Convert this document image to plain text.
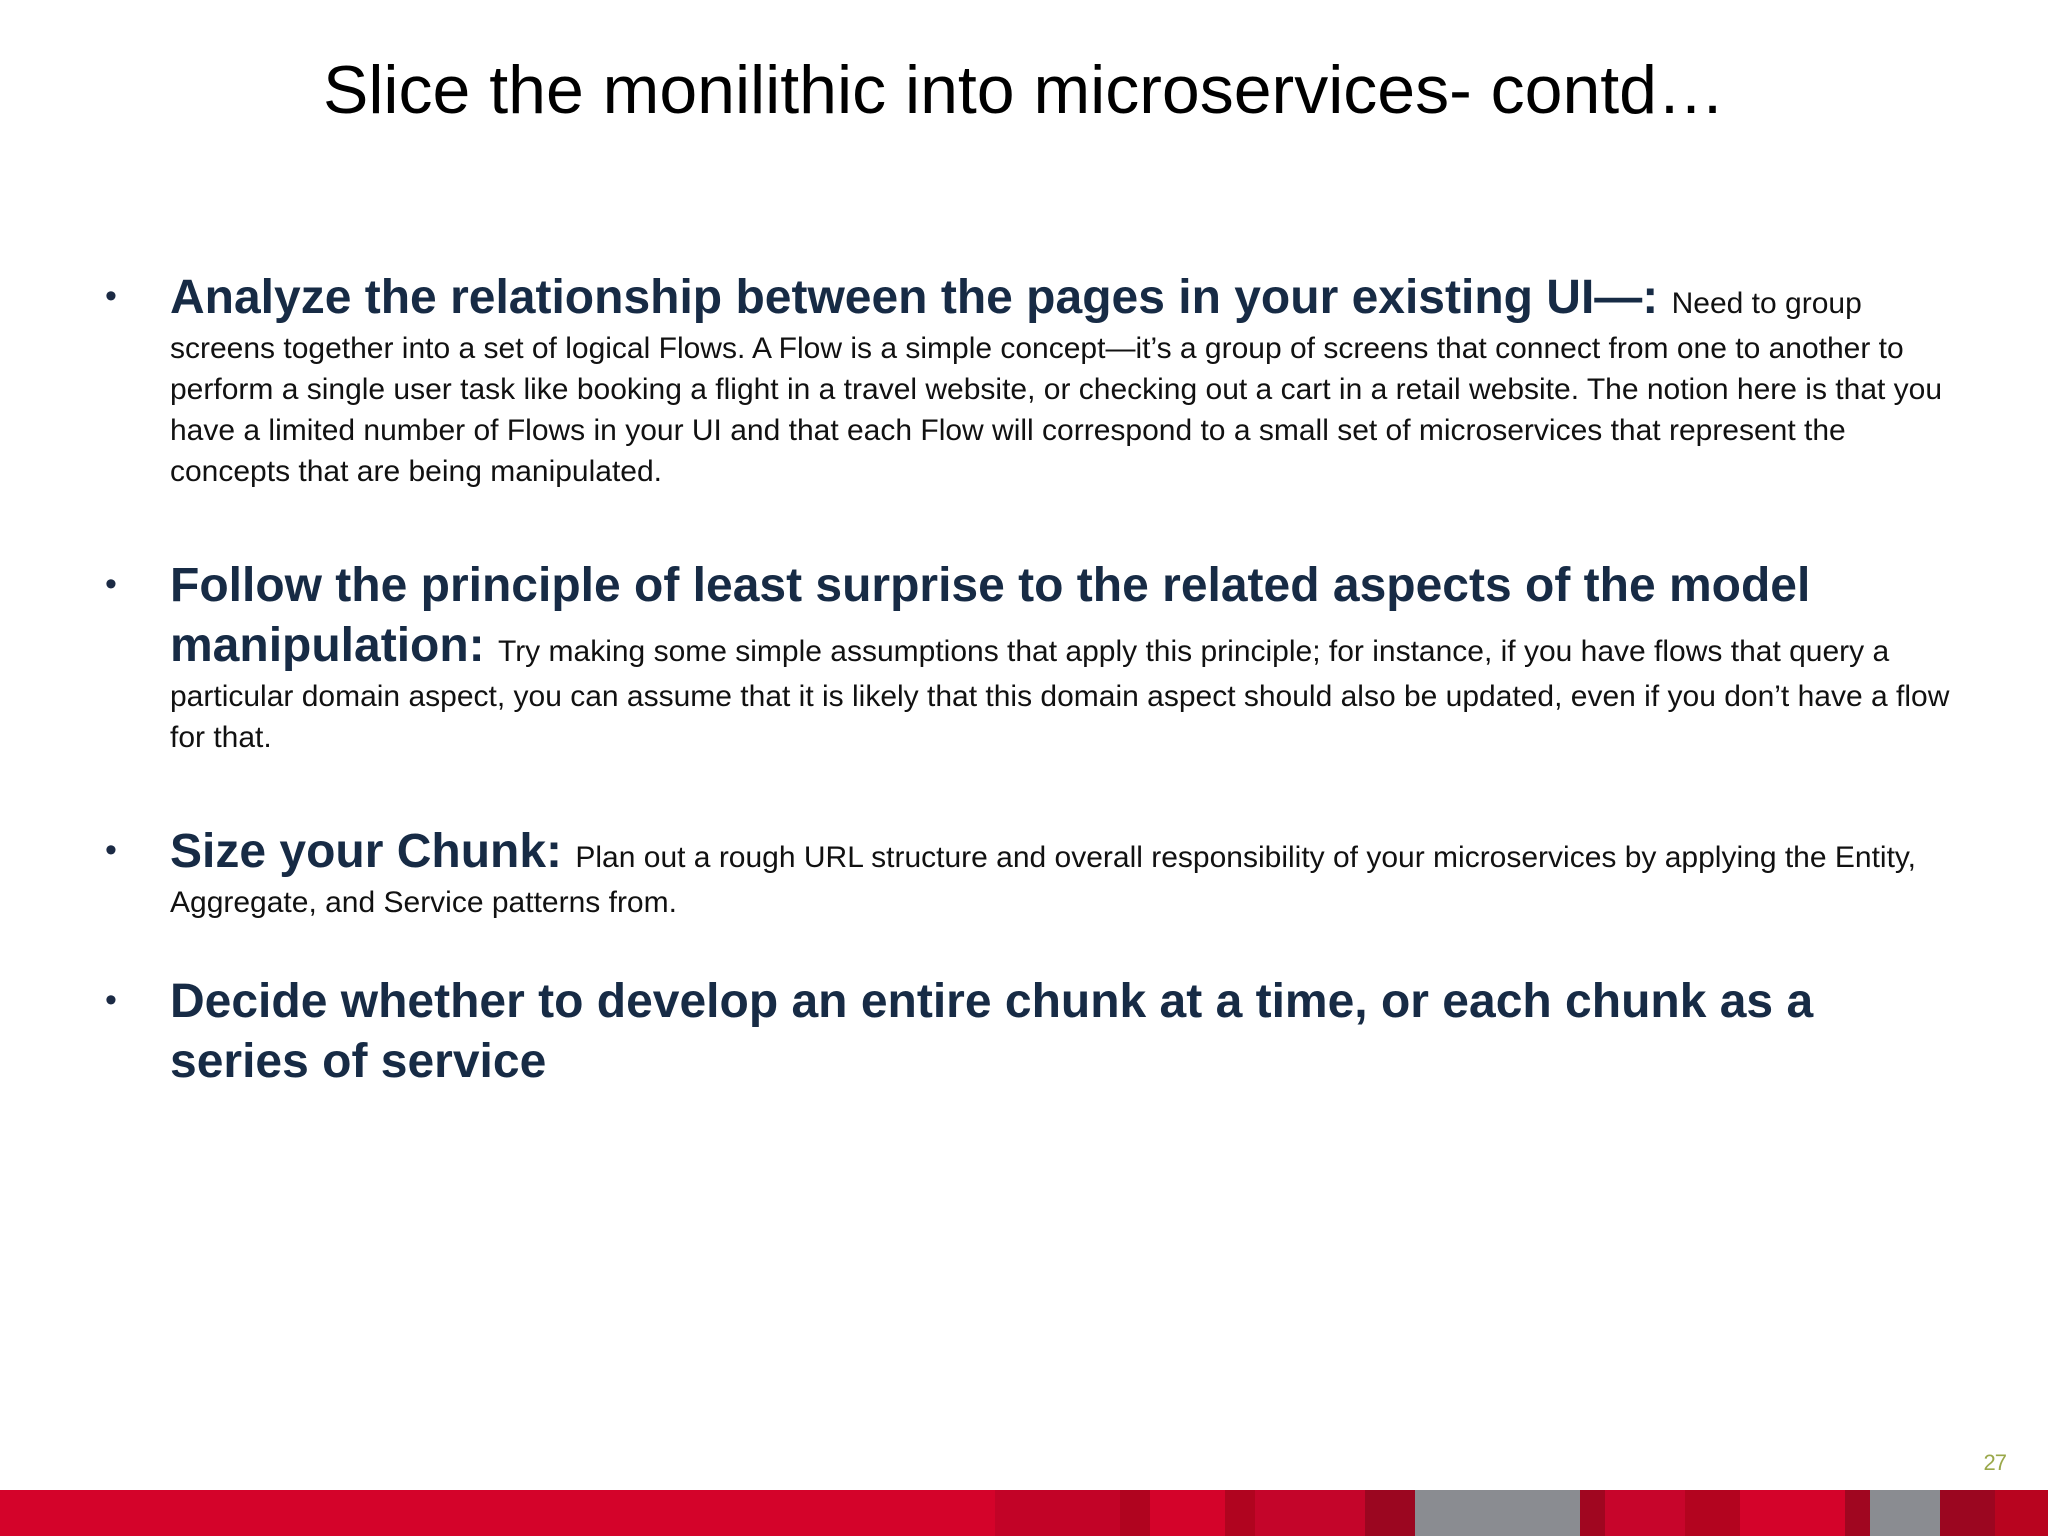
Slice the monilithic into microservices- contd…
•	Analyze the relationship between the pages in your existing UI—: Need to group screens together into a set of logical Flows. A Flow is a simple concept—it’s a group of screens that connect from one to another to perform a single user task like booking a flight in a travel website, or checking out a cart in a retail website. The notion here is that you have a limited number of Flows in your UI and that each Flow will correspond to a small set of microservices that represent the concepts that are being manipulated.
•	Follow the principle of least surprise to the related aspects of the model manipulation: Try making some simple assumptions that apply this principle; for instance, if you have flows that query a particular domain aspect, you can assume that it is likely that this domain aspect should also be updated, even if you don’t have a flow for that.
•	Size your Chunk: Plan out a rough URL structure and overall responsibility of your microservices by applying the Entity, Aggregate, and Service patterns from.
•	Decide whether to develop an entire chunk at a time, or each chunk as a series of service
27
